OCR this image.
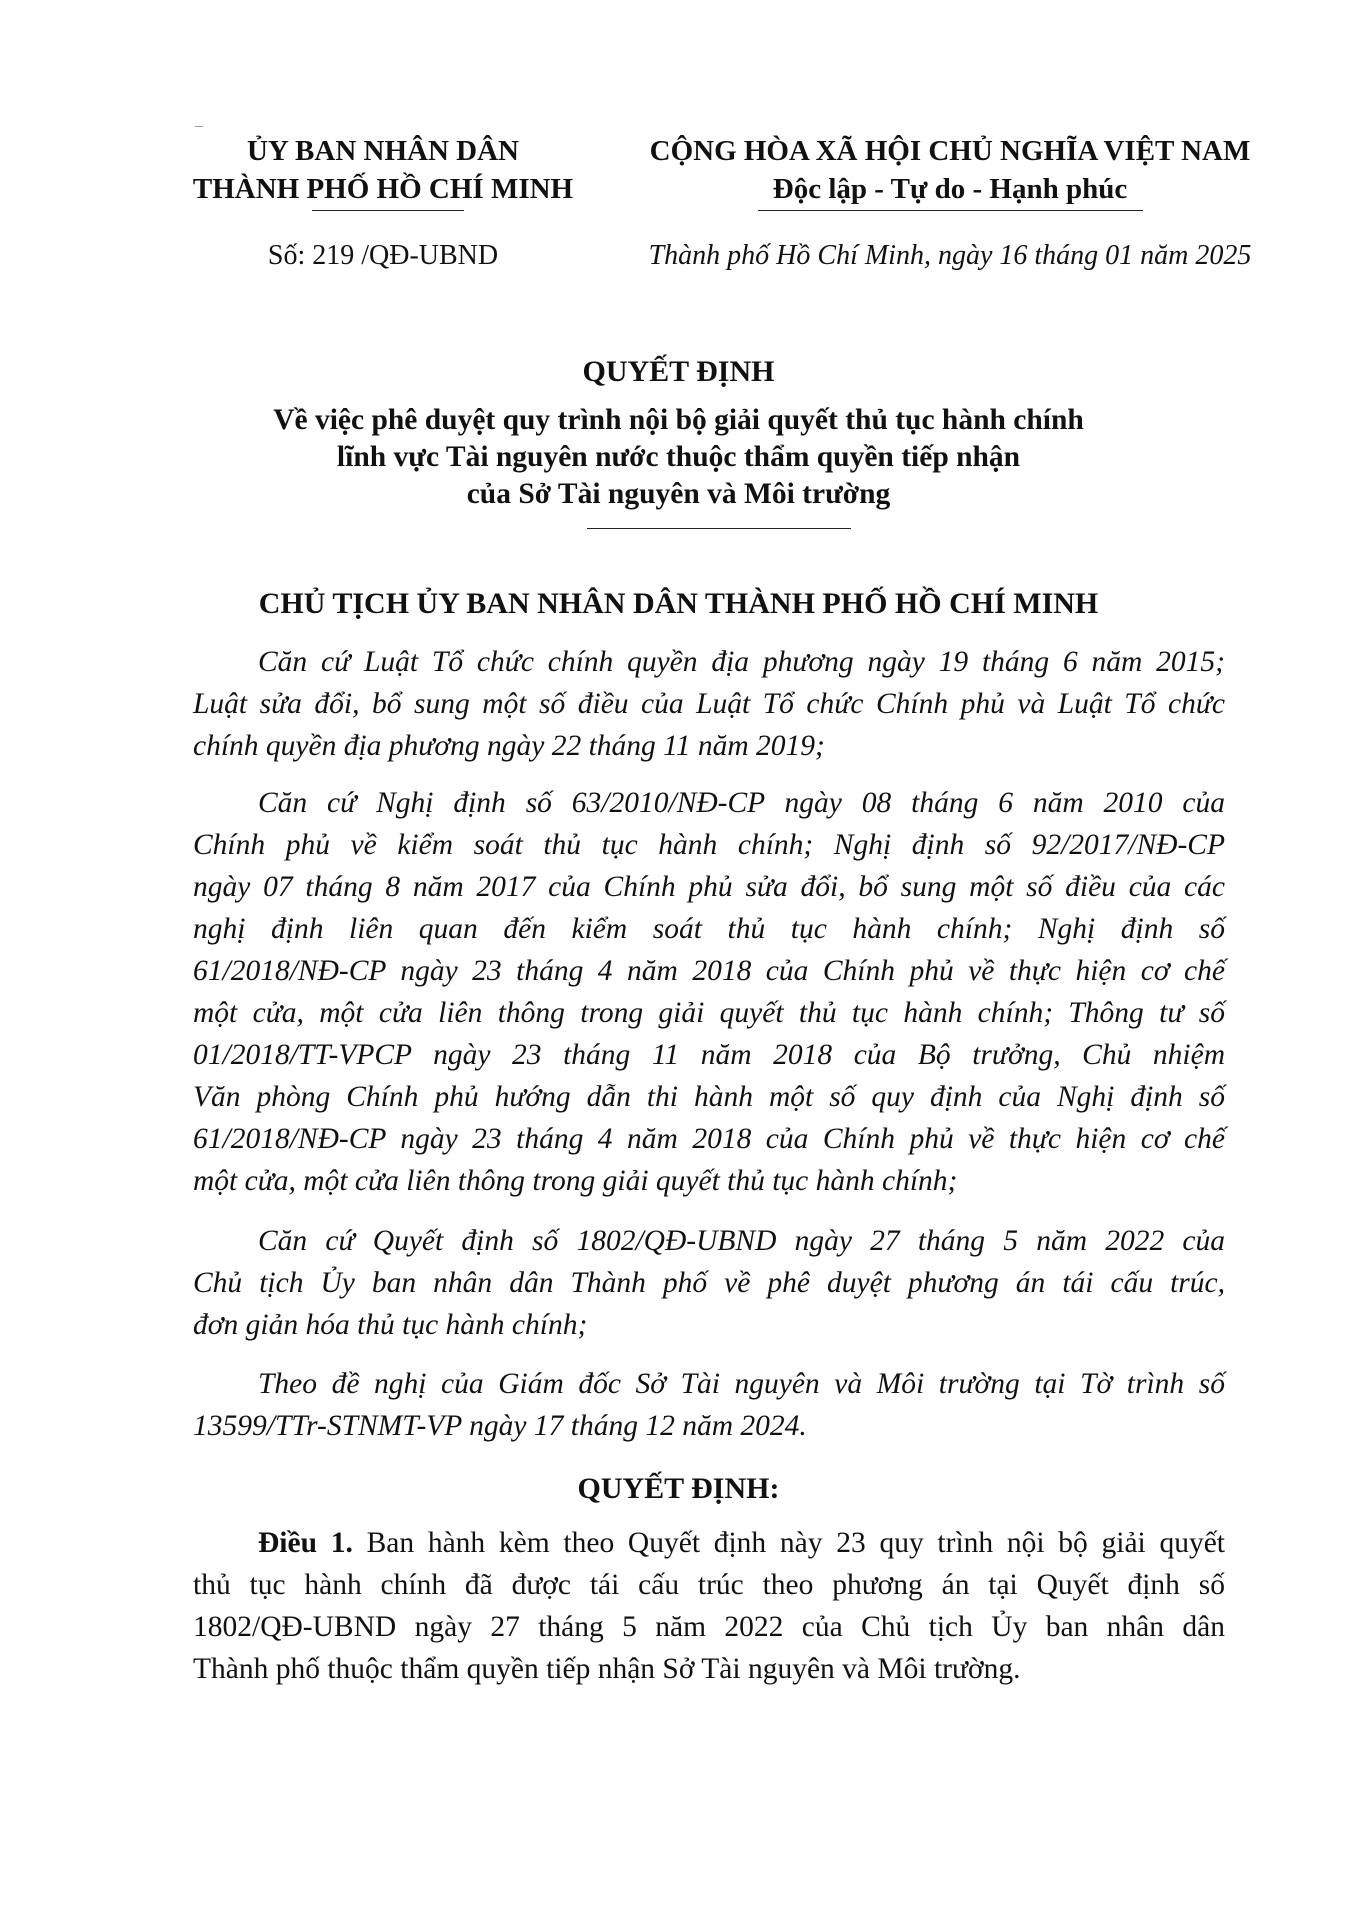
ỦY BAN NHÂN DÂN
THÀNH PHỐ HỒ CHÍ MINH
CỘNG HÒA XÃ HỘI CHỦ NGHĨA VIỆT NAM
Độc lập - Tự do - Hạnh phúc
Số: 219 /QĐ-UBND	Thành phố Hồ Chí Minh, ngày 16 tháng 01 năm 2025
QUYẾT ĐỊNH
Về việc phê duyệt quy trình nội bộ giải quyết thủ tục hành chính
lĩnh vực Tài nguyên nước thuộc thẩm quyền tiếp nhận
của Sở Tài nguyên và Môi trường
CHỦ TỊCH ỦY BAN NHÂN DÂN THÀNH PHỐ HỒ CHÍ MINH
Căn cứ Luật Tổ chức chính quyền địa phương ngày 19 tháng 6 năm 2015;
Luật sửa đổi, bổ sung một số điều của Luật Tổ chức Chính phủ và Luật Tổ chức
chính quyền địa phương ngày 22 tháng 11 năm 2019;
Căn cứ Nghị định số 63/2010/NĐ-CP ngày 08 tháng 6 năm 2010 của
Chính phủ về kiểm soát thủ tục hành chính; Nghị định số 92/2017/NĐ-CP
ngày 07 tháng 8 năm 2017 của Chính phủ sửa đổi, bổ sung một số điều của các
nghị định liên quan đến kiểm soát thủ tục hành chính; Nghị định số
61/2018/NĐ-CP ngày 23 tháng 4 năm 2018 của Chính phủ về thực hiện cơ chế
một cửa, một cửa liên thông trong giải quyết thủ tục hành chính; Thông tư số
01/2018/TT-VPCP ngày 23 tháng 11 năm 2018 của Bộ trưởng, Chủ nhiệm
Văn phòng Chính phủ hướng dẫn thi hành một số quy định của Nghị định số
61/2018/NĐ-CP ngày 23 tháng 4 năm 2018 của Chính phủ về thực hiện cơ chế
một cửa, một cửa liên thông trong giải quyết thủ tục hành chính;
Căn cứ Quyết định số 1802/QĐ-UBND ngày 27 tháng 5 năm 2022 của
Chủ tịch Ủy ban nhân dân Thành phố về phê duyệt phương án tái cấu trúc,
đơn giản hóa thủ tục hành chính;
Theo đề nghị của Giám đốc Sở Tài nguyên và Môi trường tại Tờ trình số
13599/TTr-STNMT-VP ngày 17 tháng 12 năm 2024.
QUYẾT ĐỊNH:
Điều 1. Ban hành kèm theo Quyết định này 23 quy trình nội bộ giải quyết
thủ tục hành chính đã được tái cấu trúc theo phương án tại Quyết định số
1802/QĐ-UBND ngày 27 tháng 5 năm 2022 của Chủ tịch Ủy ban nhân dân
Thành phố thuộc thẩm quyền tiếp nhận Sở Tài nguyên và Môi trường.
